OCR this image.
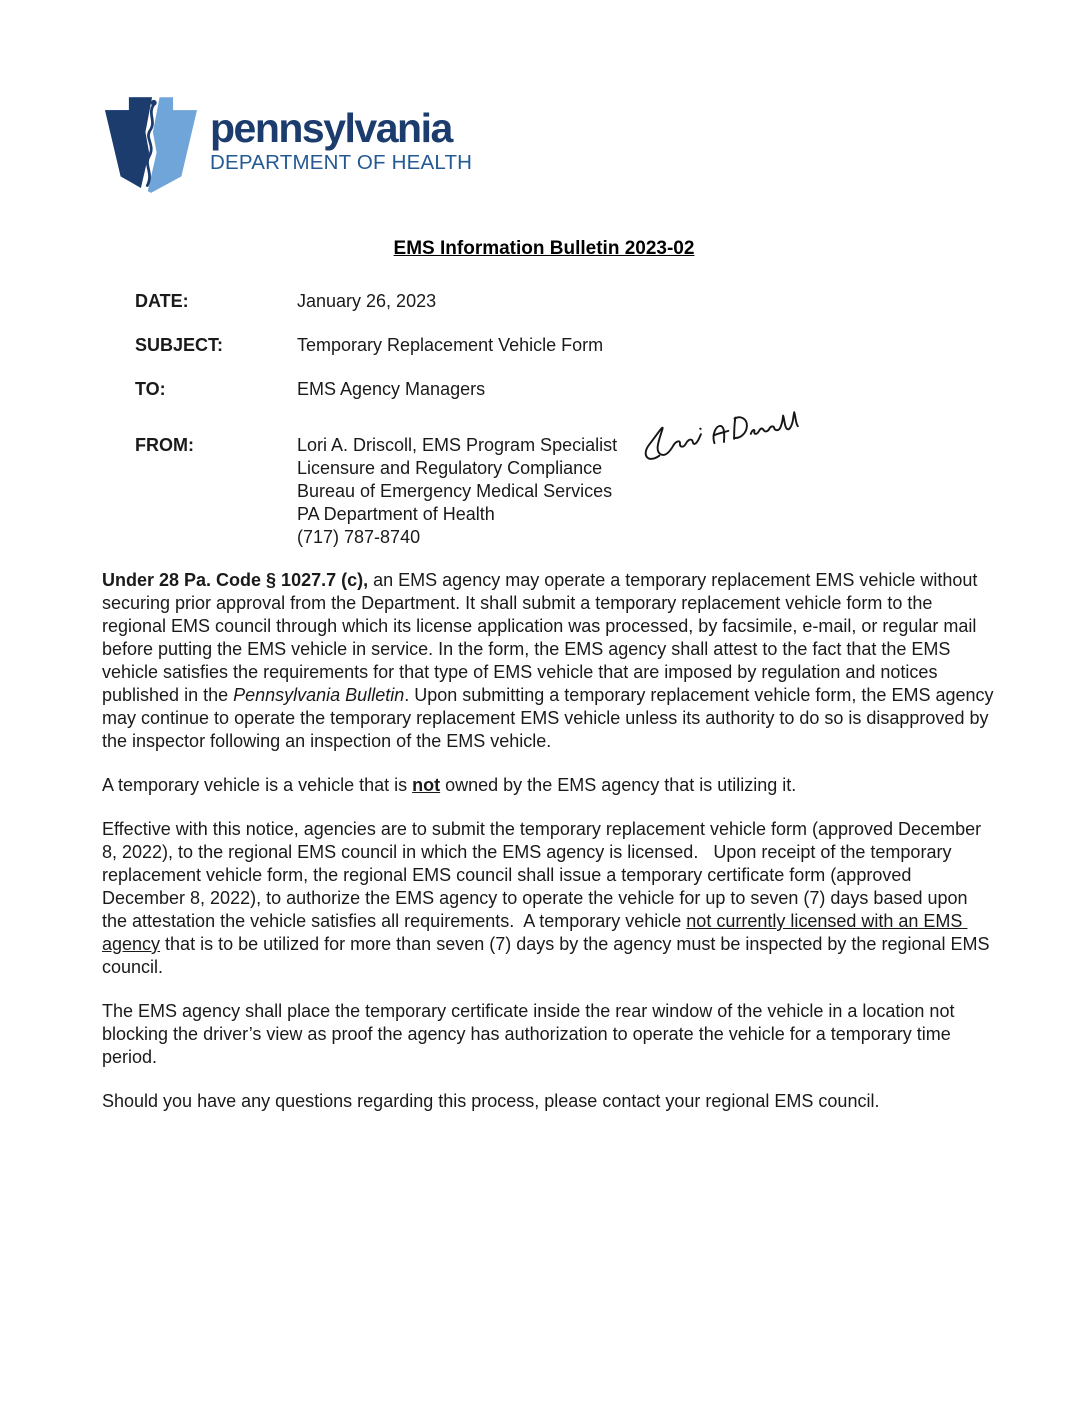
pennsylvania
DEPARTMENT OF HEALTH
EMS Information Bulletin 2023-02
DATE:	January 26, 2023
SUBJECT:	Temporary Replacement Vehicle Form
TO:	EMS Agency Managers
FROM:	Lori A. Driscoll, EMS Program Specialist
Licensure and Regulatory Compliance
Bureau of Emergency Medical Services
PA Department of Health
(717) 787-8740

Under 28 Pa. Code § 1027.7 (c), an EMS agency may operate a temporary replacement EMS vehicle without securing prior approval from the Department. It shall submit a temporary replacement vehicle form to the regional EMS council through which its license application was processed, by facsimile, e-mail, or regular mail before putting the EMS vehicle in service. In the form, the EMS agency shall attest to the fact that the EMS vehicle satisfies the requirements for that type of EMS vehicle that are imposed by regulation and notices published in the Pennsylvania Bulletin. Upon submitting a temporary replacement vehicle form, the EMS agency may continue to operate the temporary replacement EMS vehicle unless its authority to do so is disapproved by the inspector following an inspection of the EMS vehicle.

A temporary vehicle is a vehicle that is not owned by the EMS agency that is utilizing it.

Effective with this notice, agencies are to submit the temporary replacement vehicle form (approved December 8, 2022), to the regional EMS council in which the EMS agency is licensed.   Upon receipt of the temporary replacement vehicle form, the regional EMS council shall issue a temporary certificate form (approved December 8, 2022), to authorize the EMS agency to operate the vehicle for up to seven (7) days based upon the attestation the vehicle satisfies all requirements.  A temporary vehicle not currently licensed with an EMS agency that is to be utilized for more than seven (7) days by the agency must be inspected by the regional EMS council.

The EMS agency shall place the temporary certificate inside the rear window of the vehicle in a location not blocking the driver’s view as proof the agency has authorization to operate the vehicle for a temporary time period.

Should you have any questions regarding this process, please contact your regional EMS council.
